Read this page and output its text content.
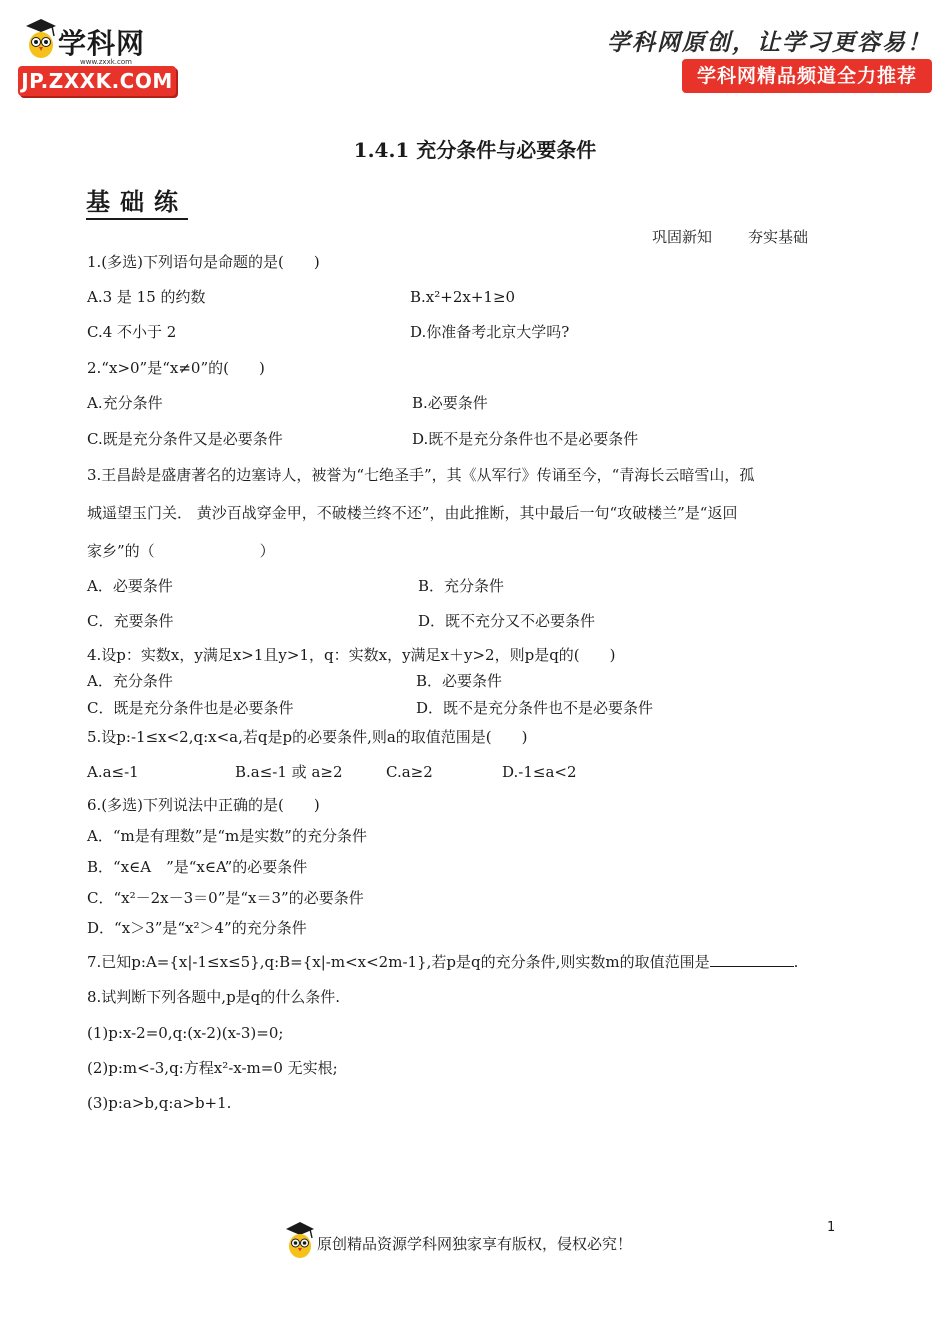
学科网
www.zxxk.com
JP.ZXXK.COM
学科网原创，让学习更容易！
学科网精品频道全力推荐
1.4.1 充分条件与必要条件
基础练
巩固新知 夯实基础
1.(多选)下列语句是命题的是(　　)
A.3 是 15 的约数	B.x²+2x+1≥0
C.4 不小于 2	D.你准备考北京大学吗?
2.“x>0”是“x≠0”的(　　)
A.充分条件	B.必要条件
C.既是充分条件又是必要条件	D.既不是充分条件也不是必要条件
3.王昌龄是盛唐著名的边塞诗人，被誉为“七绝圣手”，其《从军行》传诵至今，“青海长云暗雪山，孤
城遥望玉门关． 黄沙百战穿金甲，不破楼兰终不还”，由此推断，其中最后一句“攻破楼兰”是“返回
家乡”的（　　　　　　　）
A．必要条件	B．充分条件
C．充要条件	D．既不充分又不必要条件
4.设p：实数x，y满足x>1且y>1，q：实数x，y满足x＋y>2，则p是q的(　　)
A．充分条件	B．必要条件
C．既是充分条件也是必要条件	D．既不是充分条件也不是必要条件
5.设p:-1≤x<2,q:x<a,若q是p的必要条件,则a的取值范围是(　　)
A.a≤-1	B.a≤-1 或 a≥2	C.a≥2	D.-1≤a<2
6.(多选)下列说法中正确的是(　　)
A．“m是有理数”是“m是实数”的充分条件
B．“x∈A　”是“x∈A”的必要条件
C．“x²－2x－3＝0”是“x＝3”的必要条件
D．“x＞3”是“x²＞4”的充分条件
7.已知p:A={x|-1≤x≤5},q:B={x|-m<x<2m-1},若p是q的充分条件,则实数m的取值范围是	.
8.试判断下列各题中,p是q的什么条件.
(1)p:x-2=0,q:(x-2)(x-3)=0;
(2)p:m<-3,q:方程x²-x-m=0 无实根;
(3)p:a>b,q:a>b+1.
原创精品资源学科网独家享有版权，侵权必究！
1
